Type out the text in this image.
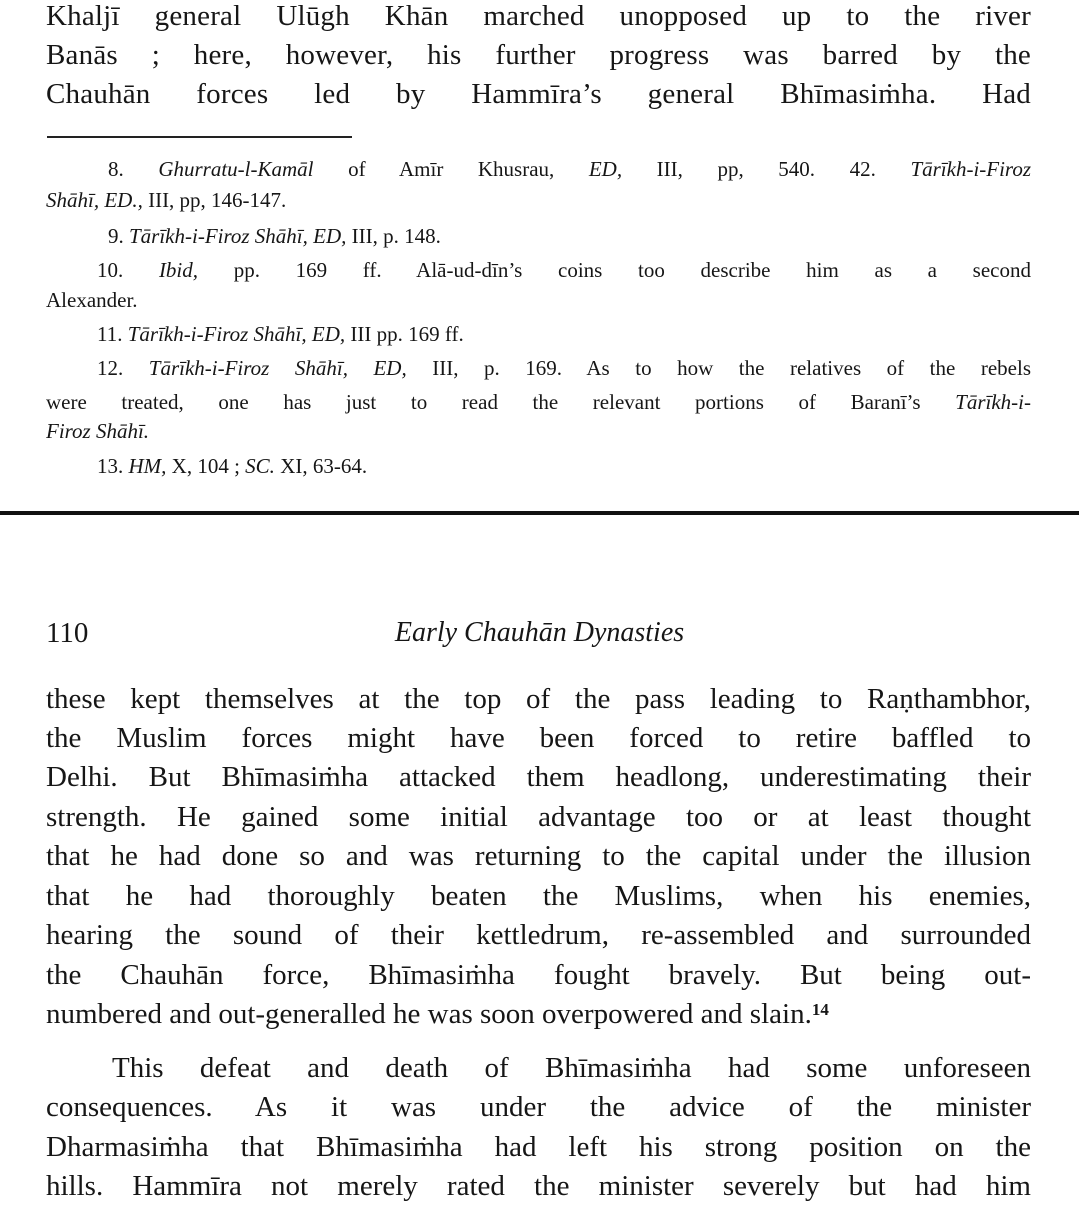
Khaljī general Ulūgh Khān marched unopposed up to the river
Banās ; here, however, his further progress was barred by the
Chauhān forces led by Hammīra’s general Bhīmasiṁha. Had
8. Ghurratu-l-Kamāl of Amīr Khusrau, ED, III, pp, 540. 42. Tārīkh-i-Firoz
Shāhī, ED., III, pp, 146-147.
9. Tārīkh-i-Firoz Shāhī, ED, III, p. 148.
10. Ibid, pp. 169 ff. Alā-ud-dīn’s coins too describe him as a second
Alexander.
11. Tārīkh-i-Firoz Shāhī, ED, III pp. 169 ff.
12. Tārīkh-i-Firoz Shāhī, ED, III, p. 169. As to how the relatives of the rebels
were treated, one has just to read the relevant portions of Baranī’s Tārīkh-i-
Firoz Shāhī.
13. HM, X, 104 ; SC. XI, 63-64.
110	Early Chauhān Dynasties
these kept themselves at the top of the pass leading to Raṇthambhor,
the Muslim forces might have been forced to retire baffled to
Delhi. But Bhīmasiṁha attacked them headlong, underestimating their
strength. He gained some initial advantage too or at least thought
that he had done so and was returning to the capital under the illusion
that he had thoroughly beaten the Muslims, when his enemies,
hearing the sound of their kettledrum, re-assembled and surrounded
the Chauhān force, Bhīmasiṁha fought bravely. But being out-
numbered and out-generalled he was soon overpowered and slain.$^{14}$
This defeat and death of Bhīmasiṁha had some unforeseen
consequences. As it was under the advice of the minister
Dharmasiṁha that Bhīmasiṁha had left his strong position on the
hills. Hammīra not merely rated the minister severely but had him
